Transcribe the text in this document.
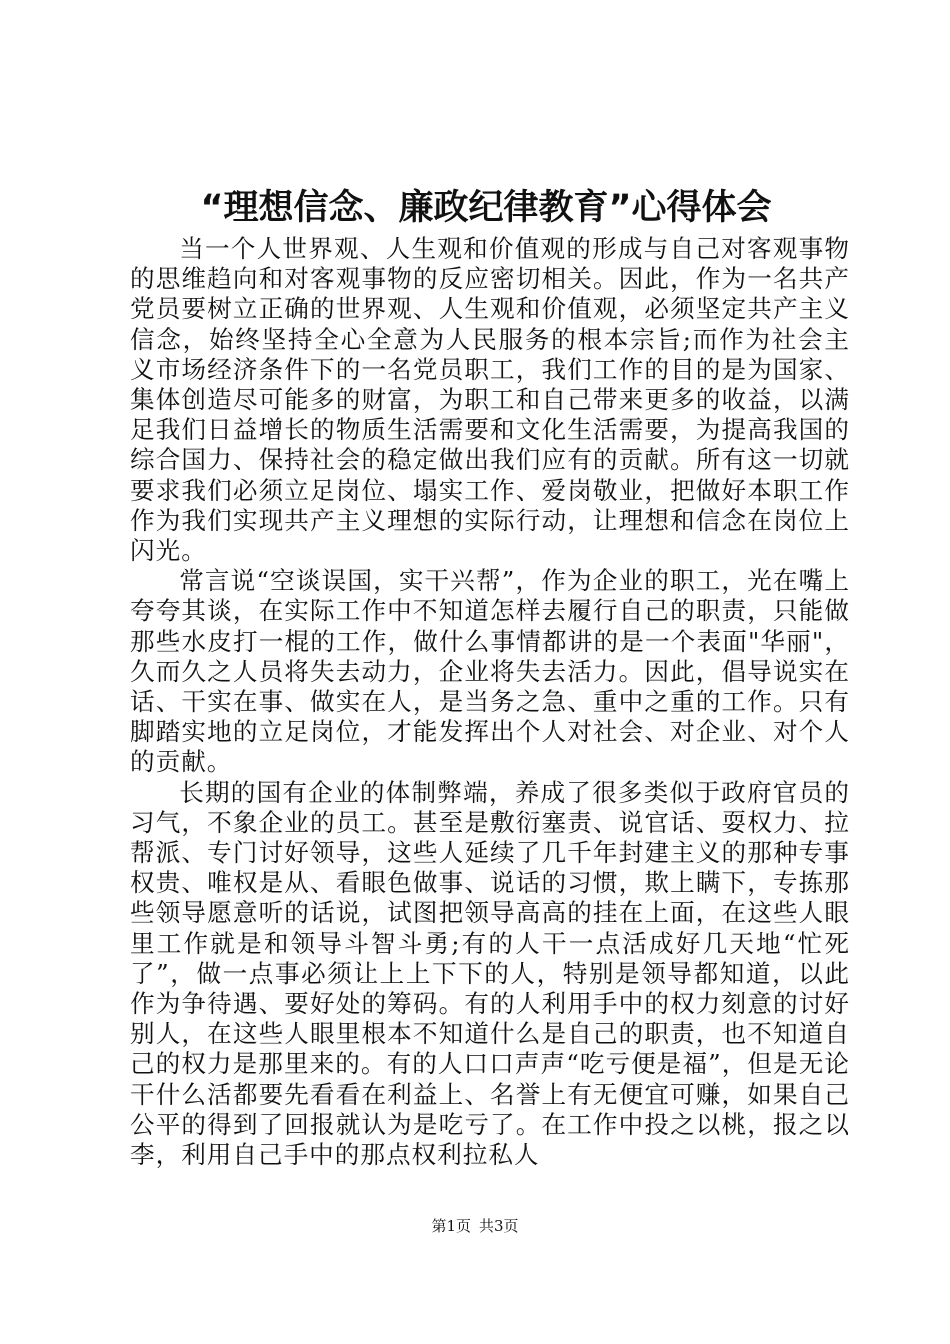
“理想信念、廉政纪律教育”心得体会

当一个人世界观、人生观和价值观的形成与自己对客观事物的思维趋向和对客观事物的反应密切相关。因此，作为一名共产党员要树立正确的世界观、人生观和价值观，必须坚定共产主义信念，始终坚持全心全意为人民服务的根本宗旨;而作为社会主义市场经济条件下的一名党员职工，我们工作的目的是为国家、集体创造尽可能多的财富，为职工和自己带来更多的收益，以满足我们日益增长的物质生活需要和文化生活需要，为提高我国的综合国力、保持社会的稳定做出我们应有的贡献。所有这一切就要求我们必须立足岗位、塌实工作、爱岗敬业，把做好本职工作作为我们实现共产主义理想的实际行动，让理想和信念在岗位上闪光。

常言说“空谈误国，实干兴帮”，作为企业的职工，光在嘴上夸夸其谈，在实际工作中不知道怎样去履行自己的职责，只能做那些水皮打一棍的工作，做什么事情都讲的是一个表面"华丽"，久而久之人员将失去动力，企业将失去活力。因此，倡导说实在话、干实在事、做实在人，是当务之急、重中之重的工作。只有脚踏实地的立足岗位，才能发挥出个人对社会、对企业、对个人的贡献。

长期的国有企业的体制弊端，养成了很多类似于政府官员的习气，不象企业的员工。甚至是敷衍塞责、说官话、耍权力、拉帮派、专门讨好领导，这些人延续了几千年封建主义的那种专事权贵、唯权是从、看眼色做事、说话的习惯，欺上瞒下，专拣那些领导愿意听的话说，试图把领导高高的挂在上面，在这些人眼里工作就是和领导斗智斗勇;有的人干一点活成好几天地“忙死了”，做一点事必须让上上下下的人，特别是领导都知道，以此作为争待遇、要好处的筹码。有的人利用手中的权力刻意的讨好别人，在这些人眼里根本不知道什么是自己的职责，也不知道自己的权力是那里来的。有的人口口声声“吃亏便是福”，但是无论干什么活都要先看看在利益上、名誉上有无便宜可赚，如果自己公平的得到了回报就认为是吃亏了。在工作中投之以桃，报之以李，利用自己手中的那点权利拉私人

第1页 共3页
